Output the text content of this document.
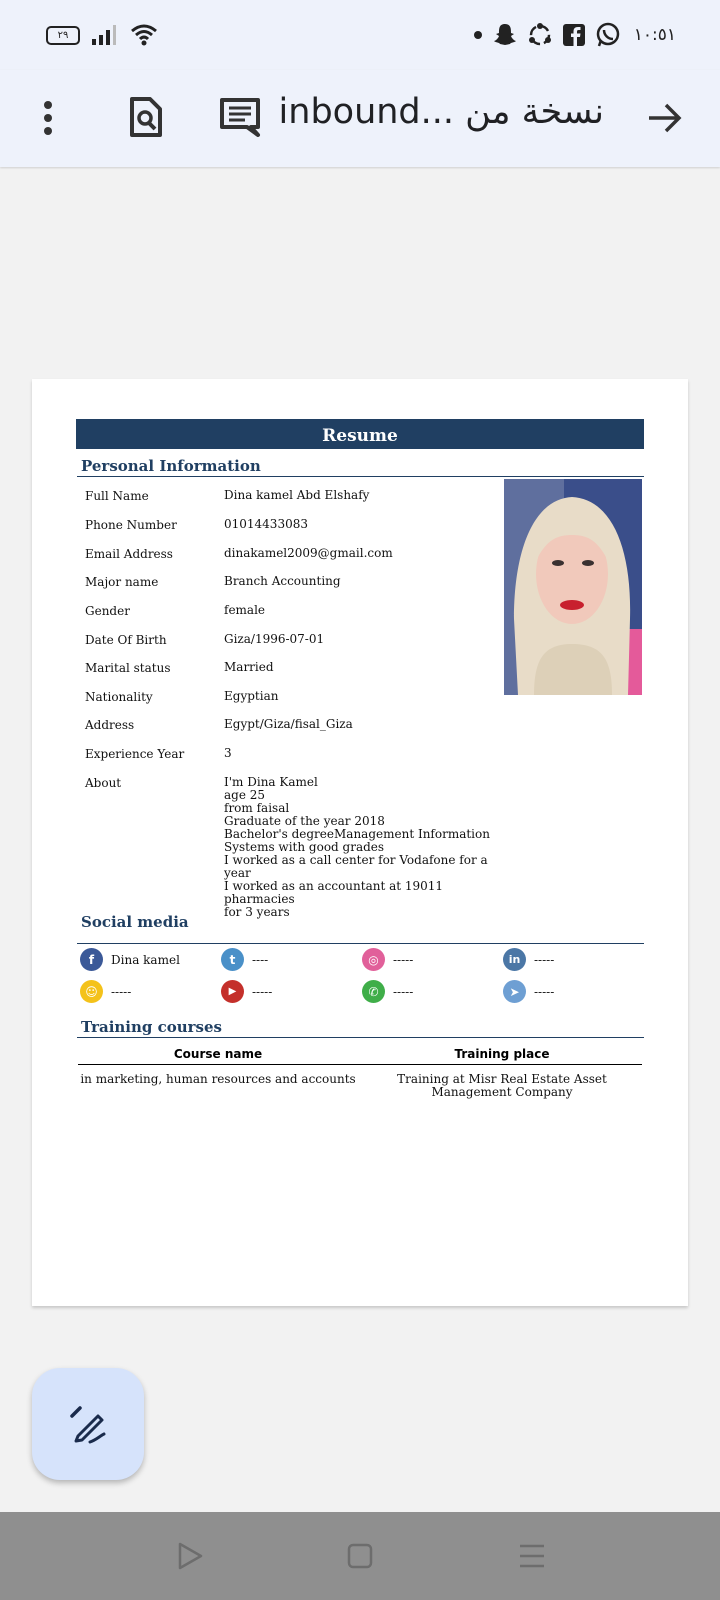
٢٩	١٠:٥١
نسخة من ...inbound
Resume
Personal Information
Full Name	Dina kamel Abd Elshafy
Phone Number	01014433083
Email Address	dinakamel2009@gmail.com
Major name	Branch Accounting
Gender	female
Date Of Birth	Giza/1996-07-01
Marital status	Married
Nationality	Egyptian
Address	Egypt/Giza/fisal_Giza
Experience Year	3
About	I'm Dina Kamel
age 25
from faisal
Graduate of the year 2018
Bachelor's degreeManagement Information
Systems with good grades
I worked as a call center for Vodafone for a
year
I worked as an accountant at 19011 pharmacies
for 3 years
Social media
f	Dina kamel	t	----	◎	-----	in	-----
☺	-----	▶	-----	✆	-----	➤	-----
Training courses
Course name	Training place
in marketing, human resources and accounts	Training at Misr Real Estate Asset
Management Company
